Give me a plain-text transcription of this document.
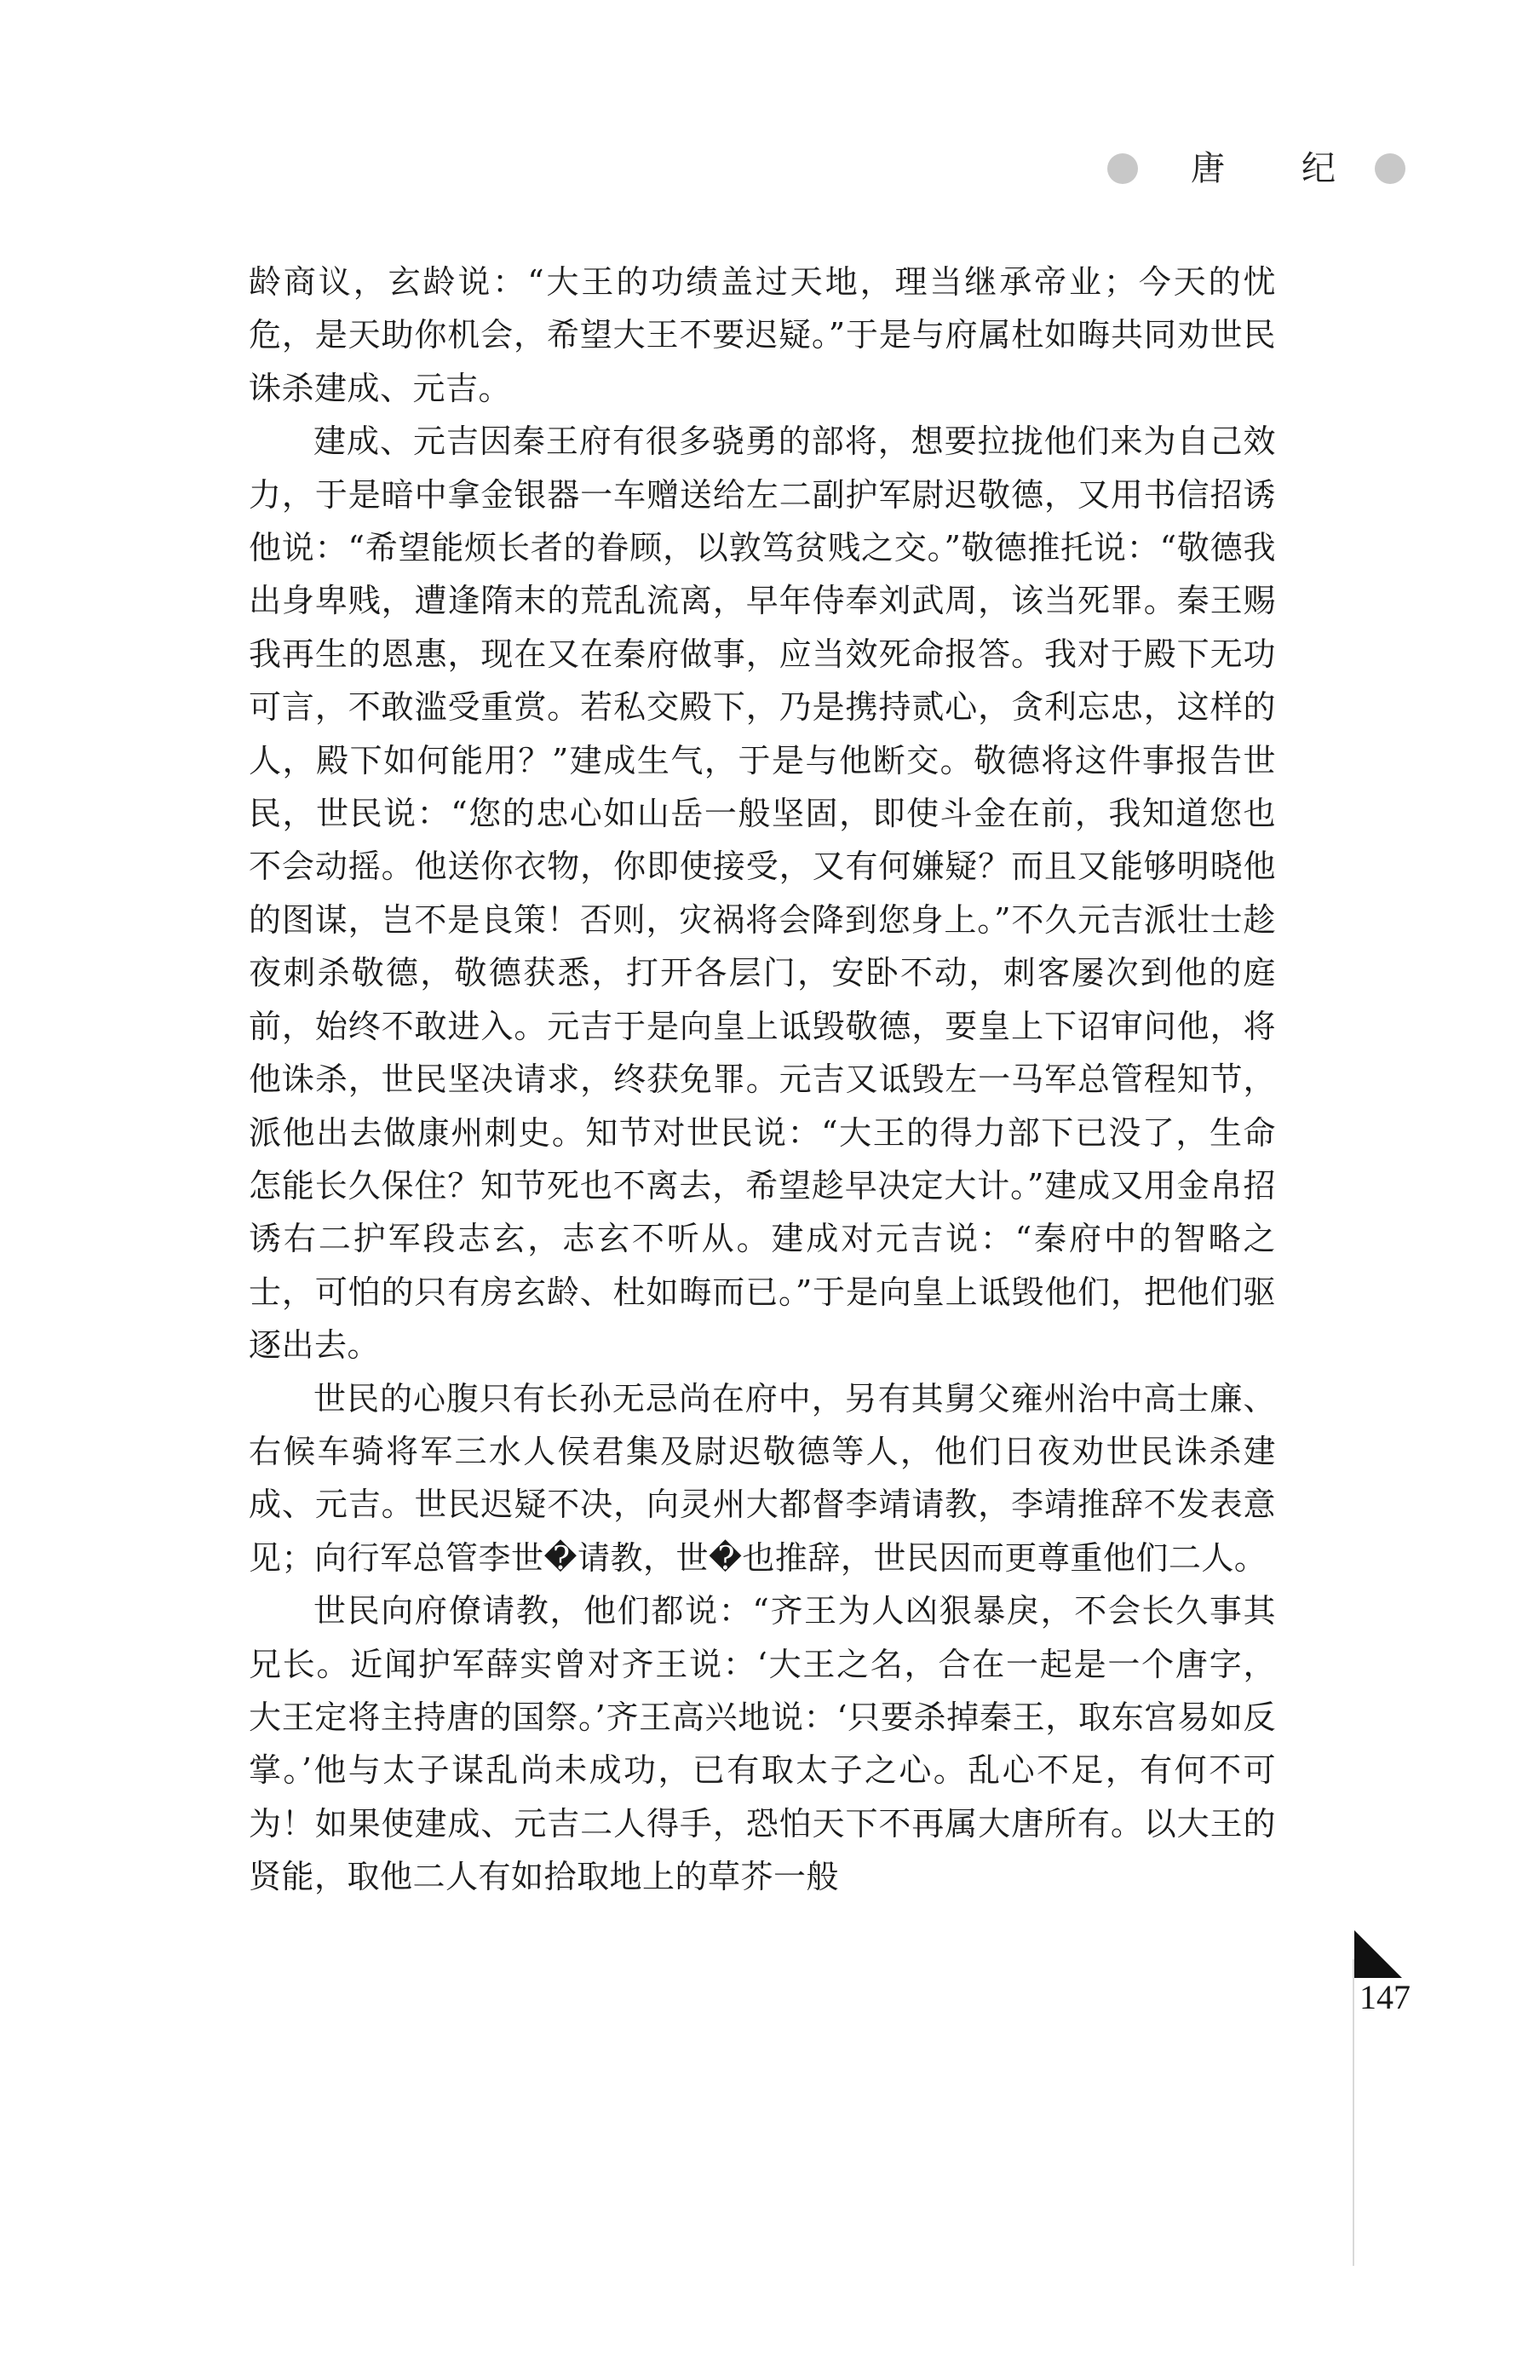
唐 纪

龄商议，玄龄说：“大王的功绩盖过天地，理当继承帝业；今天的忧危，是天助你机会，希望大王不要迟疑。”于是与府属杜如晦共同劝世民诛杀建成、元吉。

建成、元吉因秦王府有很多骁勇的部将，想要拉拢他们来为自己效力，于是暗中拿金银器一车赠送给左二副护军尉迟敬德，又用书信招诱他说：“希望能烦长者的眷顾，以敦笃贫贱之交。”敬德推托说：“敬德我出身卑贱，遭逢隋末的荒乱流离，早年侍奉刘武周，该当死罪。秦王赐我再生的恩惠，现在又在秦府做事，应当效死命报答。我对于殿下无功可言，不敢滥受重赏。若私交殿下，乃是携持贰心，贪利忘忠，这样的人，殿下如何能用？”建成生气，于是与他断交。敬德将这件事报告世民，世民说：“您的忠心如山岳一般坚固，即使斗金在前，我知道您也不会动摇。他送你衣物，你即使接受，又有何嫌疑？而且又能够明晓他的图谋，岂不是良策！否则，灾祸将会降到您身上。”不久元吉派壮士趁夜刺杀敬德，敬德获悉，打开各层门，安卧不动，刺客屡次到他的庭前，始终不敢进入。元吉于是向皇上诋毁敬德，要皇上下诏审问他，将他诛杀，世民坚决请求，终获免罪。元吉又诋毁左一马军总管程知节，派他出去做康州刺史。知节对世民说：“大王的得力部下已没了，生命怎能长久保住？知节死也不离去，希望趁早决定大计。”建成又用金帛招诱右二护军段志玄，志玄不听从。建成对元吉说：“秦府中的智略之士，可怕的只有房玄龄、杜如晦而已。”于是向皇上诋毁他们，把他们驱逐出去。

世民的心腹只有长孙无忌尚在府中，另有其舅父雍州治中高士廉、右候车骑将军三水人侯君集及尉迟敬德等人，他们日夜劝世民诛杀建成、元吉。世民迟疑不决，向灵州大都督李靖请教，李靖推辞不发表意见；向行军总管李世�请教，世�也推辞，世民因而更尊重他们二人。

世民向府僚请教，他们都说：“齐王为人凶狠暴戾，不会长久事其兄长。近闻护军薛实曾对齐王说：‘大王之名，合在一起是一个唐字，大王定将主持唐的国祭。’齐王高兴地说：‘只要杀掉秦王，取东宫易如反掌。’他与太子谋乱尚未成功，已有取太子之心。乱心不足，有何不可为！如果使建成、元吉二人得手，恐怕天下不再属大唐所有。以大王的贤能，取他二人有如拾取地上的草芥一般

147
